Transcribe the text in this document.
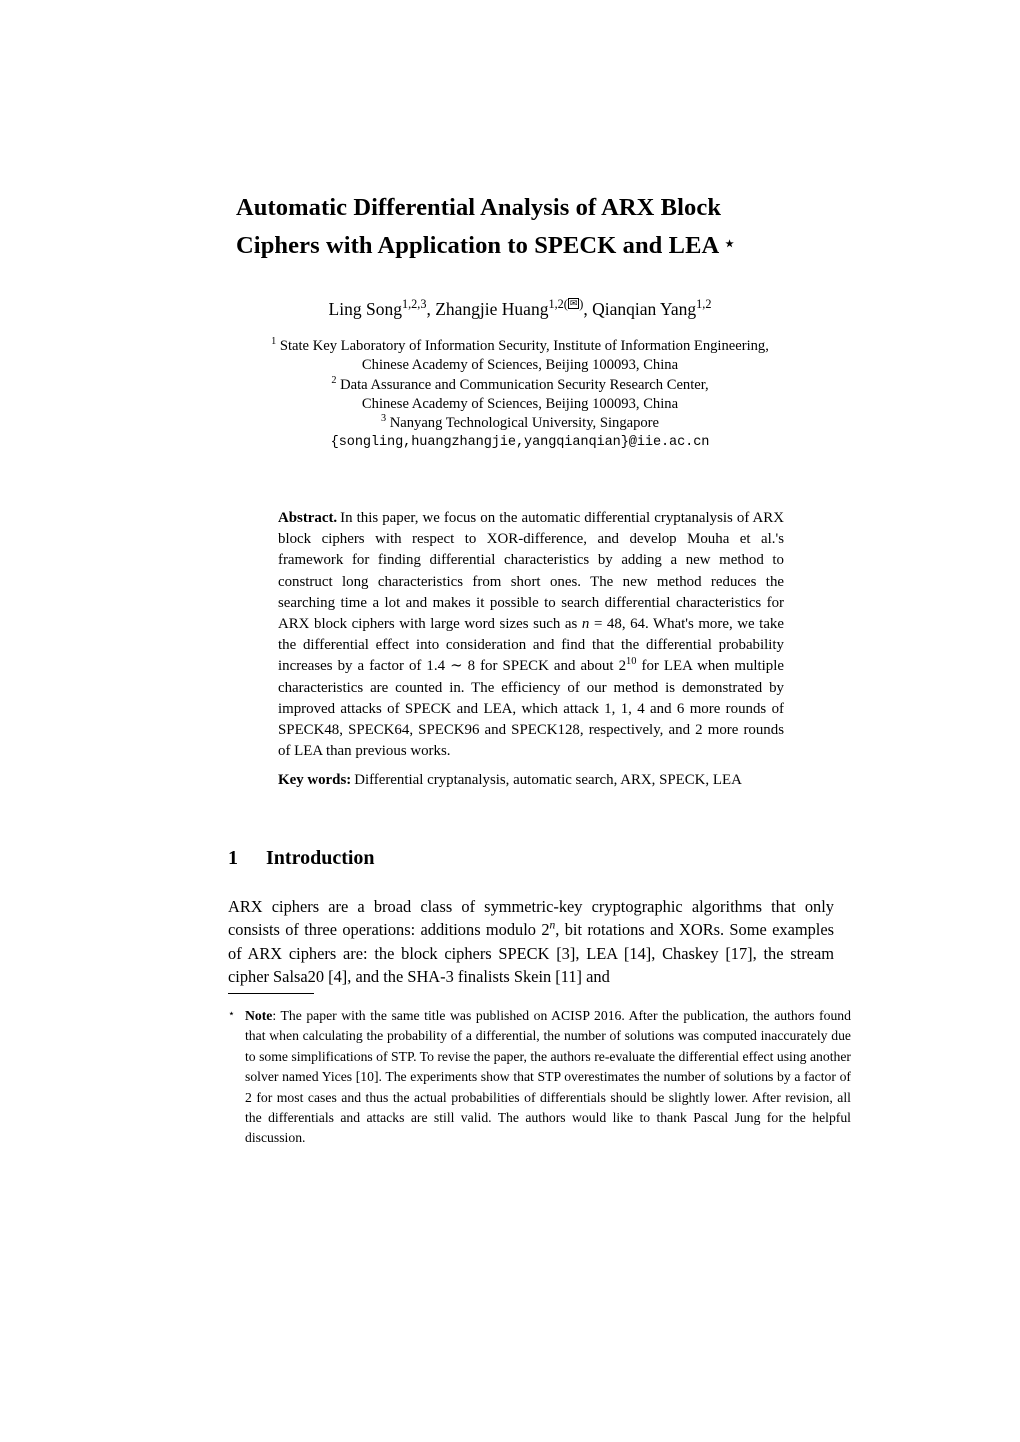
Automatic Differential Analysis of ARX Block
Ciphers with Application to SPECK and LEA ⋆
Ling Song$^{1,2,3}$, Zhangjie Huang$^{1,2( ✉ )}$, Qianqian Yang$^{1,2}$
$^1$ State Key Laboratory of Information Security, Institute of Information Engineering,
Chinese Academy of Sciences, Beijing 100093, China
$^2$ Data Assurance and Communication Security Research Center,
Chinese Academy of Sciences, Beijing 100093, China
$^3$ Nanyang Technological University, Singapore
{songling,huangzhangjie,yangqianqian}@iie.ac.cn
Abstract. In this paper, we focus on the automatic differential cryptanalysis of ARX block ciphers with respect to XOR-difference, and develop Mouha et al.'s framework for finding differential characteristics by adding a new method to construct long characteristics from short ones. The new method reduces the searching time a lot and makes it possible to search differential characteristics for ARX block ciphers with large word sizes such as n = 48, 64. What's more, we take the differential effect into consideration and find that the differential probability increases by a factor of 1.4 ∼ 8 for SPECK and about $2^{10}$ for LEA when multiple characteristics are counted in. The efficiency of our method is demonstrated by improved attacks of SPECK and LEA, which attack 1, 1, 4 and 6 more rounds of SPECK48, SPECK64, SPECK96 and SPECK128, respectively, and 2 more rounds of LEA than previous works.
Key words: Differential cryptanalysis, automatic search, ARX, SPECK, LEA
1 Introduction
ARX ciphers are a broad class of symmetric-key cryptographic algorithms that only consists of three operations: additions modulo 2$^n$, bit rotations and XORs. Some examples of ARX ciphers are: the block ciphers SPECK [3], LEA [14], Chaskey [17], the stream cipher Salsa20 [4], and the SHA-3 finalists Skein [11] and
⋆ Note: The paper with the same title was published on ACISP 2016. After the publication, the authors found that when calculating the probability of a differential, the number of solutions was computed inaccurately due to some simplifications of STP. To revise the paper, the authors re-evaluate the differential effect using another solver named Yices [10]. The experiments show that STP overestimates the number of solutions by a factor of 2 for most cases and thus the actual probabilities of differentials should be slightly lower. After revision, all the differentials and attacks are still valid. The authors would like to thank Pascal Jung for the helpful discussion.
